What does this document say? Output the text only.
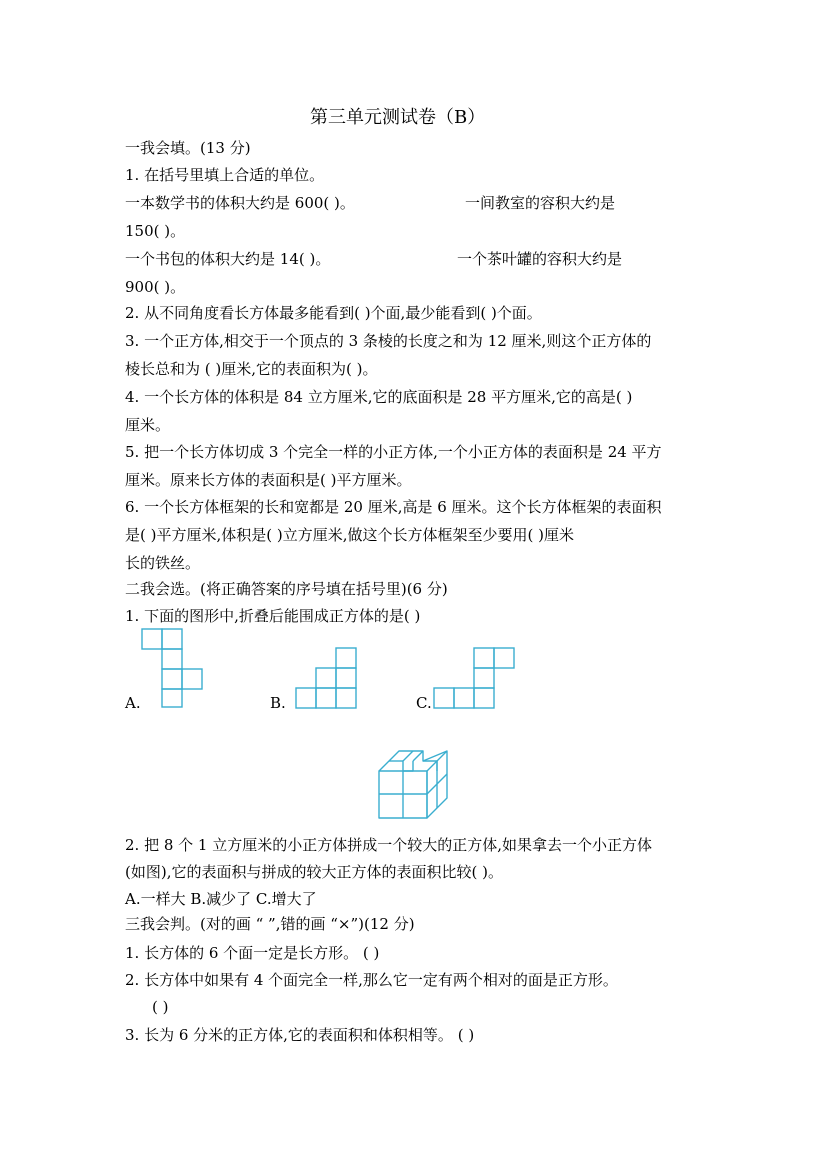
第三单元测试卷（B）
一我会填。(13 分)
1. 在括号里填上合适的单位。
一本数学书的体积大约是 600( )。	一间教室的容积大约是
150( )。
一个书包的体积大约是 14( )。	一个茶叶罐的容积大约是
900( )。
2. 从不同角度看长方体最多能看到( )个面,最少能看到( )个面。
3. 一个正方体,相交于一个顶点的 3 条棱的长度之和为 12 厘米,则这个正方体的
棱长总和为 ( )厘米,它的表面积为( )。
4. 一个长方体的体积是 84 立方厘米,它的底面积是 28 平方厘米,它的高是( )
厘米。
5. 把一个长方体切成 3 个完全一样的小正方体,一个小正方体的表面积是 24 平方
厘米。原来长方体的表面积是( )平方厘米。
6. 一个长方体框架的长和宽都是 20 厘米,高是 6 厘米。这个长方体框架的表面积
是( )平方厘米,体积是( )立方厘米,做这个长方体框架至少要用( )厘米
长的铁丝。
二我会选。(将正确答案的序号填在括号里)(6 分)
1. 下面的图形中,折叠后能围成正方体的是( )
A.	B.	C.
2. 把 8 个 1 立方厘米的小正方体拼成一个较大的正方体,如果拿去一个小正方体
(如图),它的表面积与拼成的较大正方体的表面积比较( )。
A.一样大 B.减少了 C.增大了
三我会判。(对的画 “ ”,错的画 “×”)(12 分)
1. 长方体的 6 个面一定是长方形。 ( )
2. 长方体中如果有 4 个面完全一样,那么它一定有两个相对的面是正方形。
( )
3. 长为 6 分米的正方体,它的表面积和体积相等。 ( )
